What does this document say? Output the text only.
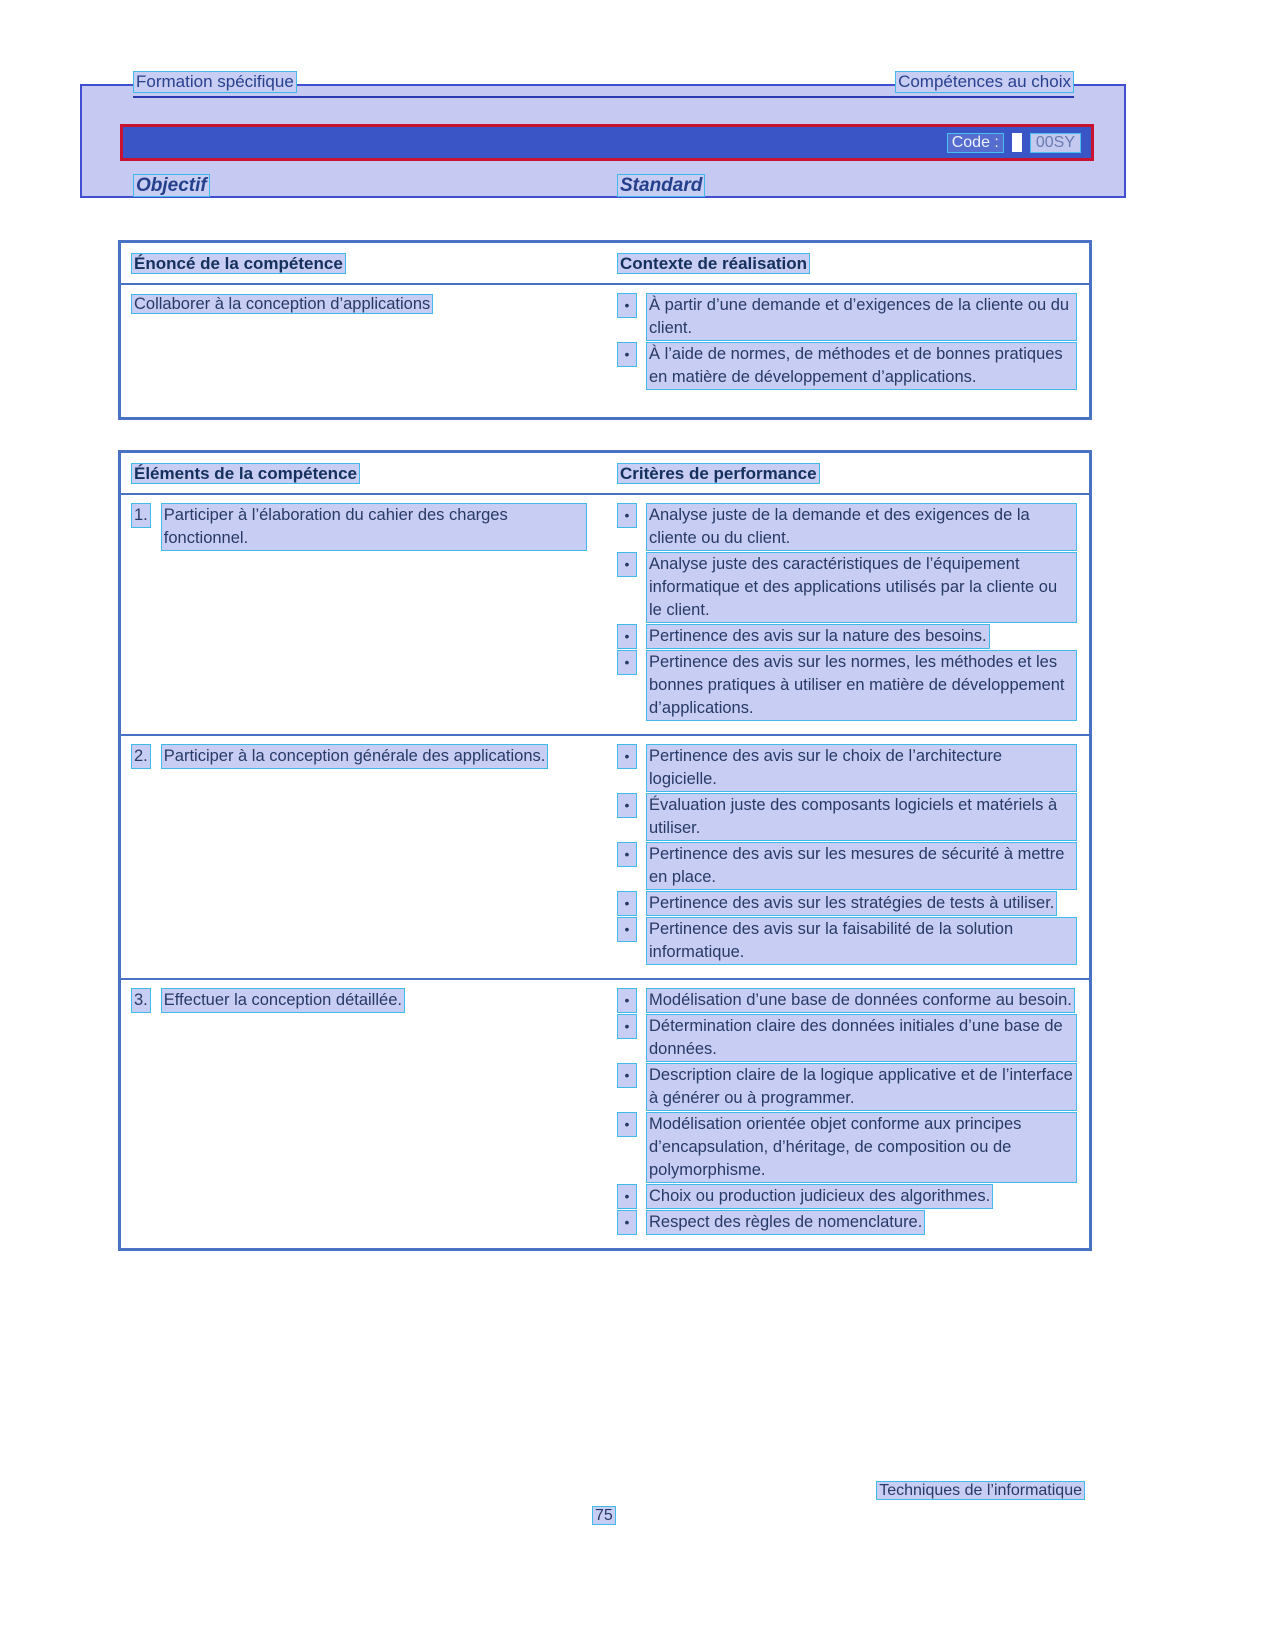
Formation spécifique	Compétences au choix
Code :	00SY
Objectif	Standard
Énoncé de la compétence	Contexte de réalisation
Collaborer à la conception d’applications	•	À partir d’une demande et d’exigences de la cliente ou du client.
•	À l’aide de normes, de méthodes et de bonnes pratiques en matière de développement d’applications.
Éléments de la compétence	Critères de performance
1. Participer à l’élaboration du cahier des charges fonctionnel.
•	Analyse juste de la demande et des exigences de la cliente ou du client.
•	Analyse juste des caractéristiques de l’équipement informatique et des applications utilisés par la cliente ou le client.
•	Pertinence des avis sur la nature des besoins.
•	Pertinence des avis sur les normes, les méthodes et les bonnes pratiques à utiliser en matière de développement d’applications.
2. Participer à la conception générale des applications.	•	Pertinence des avis sur le choix de l’architecture logicielle.
•	Évaluation juste des composants logiciels et matériels à utiliser.
•	Pertinence des avis sur les mesures de sécurité à mettre en place.
•	Pertinence des avis sur les stratégies de tests à utiliser.
•	Pertinence des avis sur la faisabilité de la solution informatique.
3. Effectuer la conception détaillée.	•	Modélisation d’une base de données conforme au besoin.
•	Détermination claire des données initiales d’une base de données.
•	Description claire de la logique applicative et de l’interface à générer ou à programmer.
•	Modélisation orientée objet conforme aux principes d’encapsulation, d’héritage, de composition ou de polymorphisme.
•	Choix ou production judicieux des algorithmes.
•	Respect des règles de nomenclature.
Techniques de l’informatique
75
